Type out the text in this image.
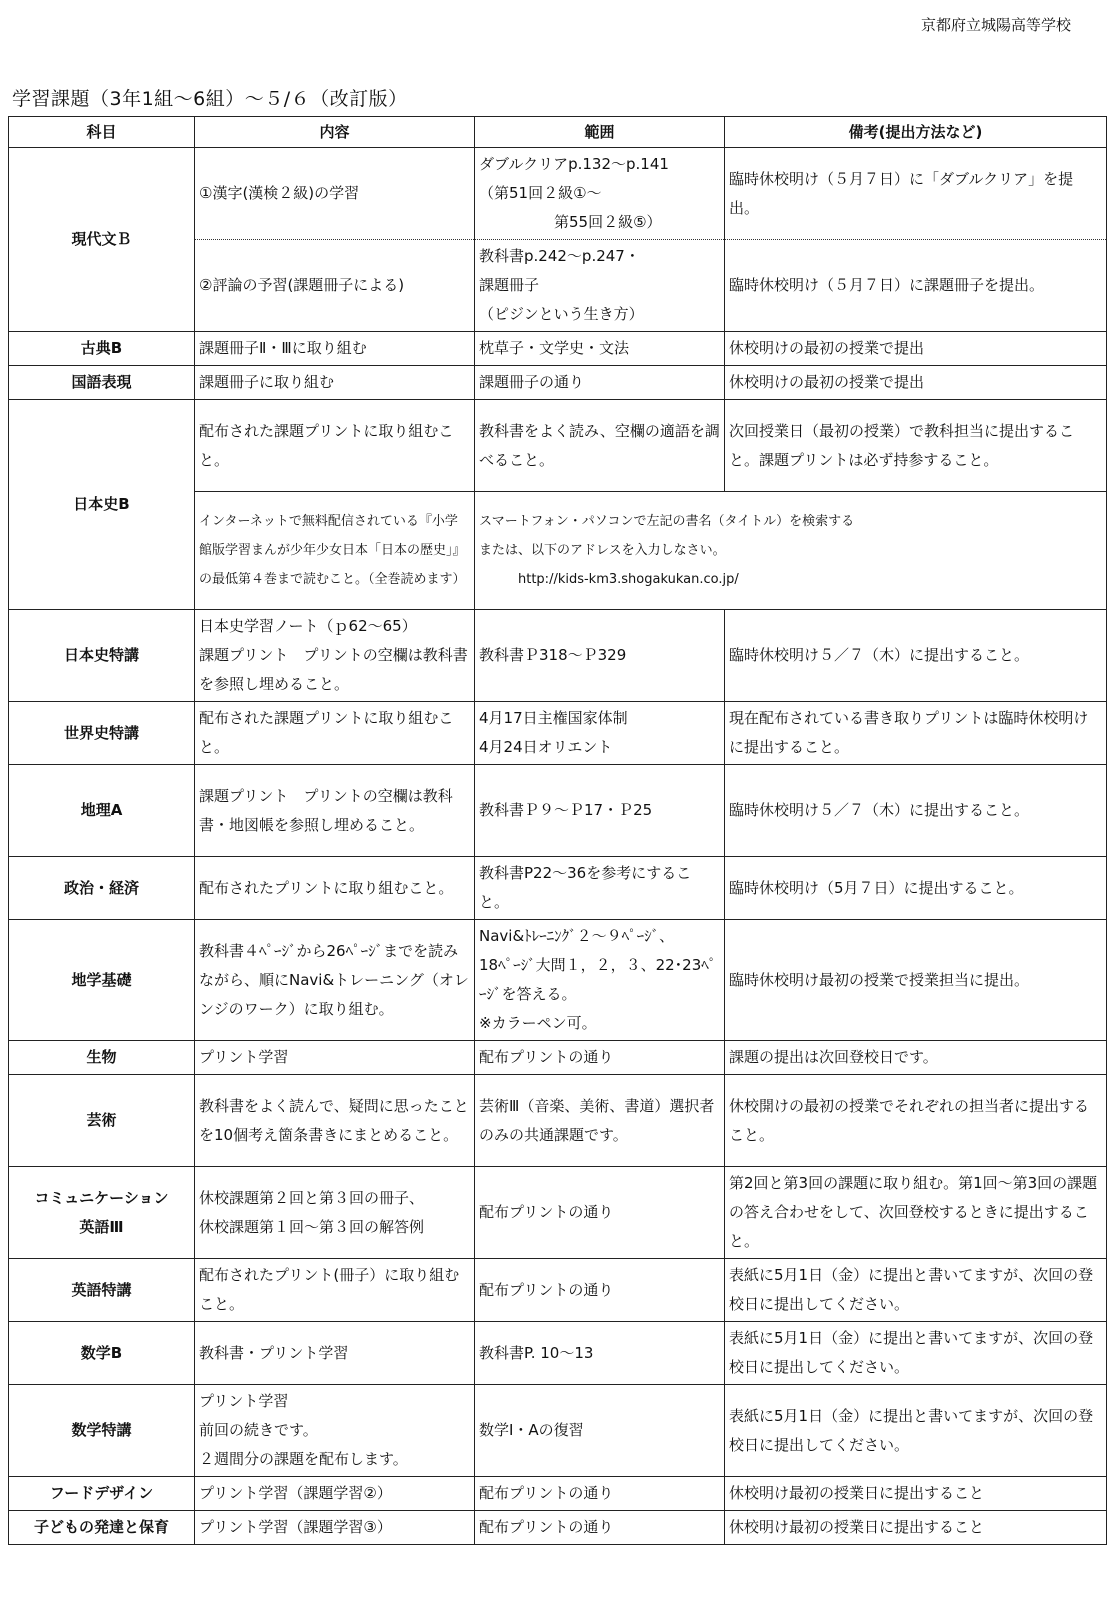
京都府立城陽高等学校
学習課題（3年1組～6組）～５/６（改訂版）
科目	内容	範囲	備考(提出方法など)
現代文Ｂ	①漢字(漢検２級)の学習	ダブルクリアp.132～p.141
（第51回２級①～
　　　　　第55回２級⑤）	臨時休校明け（５月７日）に「ダブルクリア」を提出。
	②評論の予習(課題冊子による)	教科書p.242～p.247・
課題冊子
（ピジンという生き方）	臨時休校明け（５月７日）に課題冊子を提出。
古典B	課題冊子Ⅱ・Ⅲに取り組む	枕草子・文学史・文法	休校明けの最初の授業で提出
国語表現	課題冊子に取り組む	課題冊子の通り	休校明けの最初の授業で提出
日本史B	配布された課題プリントに取り組むこと。	教科書をよく読み、空欄の適語を調べること。	次回授業日（最初の授業）で教科担当に提出すること。課題プリントは必ず持参すること。
	インターネットで無料配信されている『小学館版学習まんが少年少女日本「日本の歴史」』の最低第４巻まで読むこと。（全巻読めます）	スマートフォン・パソコンで左記の書名（タイトル）を検索する
または、以下のアドレスを入力しなさい。
　　　http://kids-km3.shogakukan.co.jp/	
日本史特講	日本史学習ノート（ｐ62～65）
課題プリント　プリントの空欄は教科書を参照し埋めること。	教科書Ｐ318～Ｐ329	臨時休校明け５／７（木）に提出すること。
世界史特講	配布された課題プリントに取り組むこと。	4月17日主権国家体制
4月24日オリエント	現在配布されている書き取りプリントは臨時休校明けに提出すること。
地理A	課題プリント　プリントの空欄は教科書・地図帳を参照し埋めること。	教科書Ｐ９～Ｐ17・Ｐ25	臨時休校明け５／７（木）に提出すること。
政治・経済	配布されたプリントに取り組むこと。	教科書P22～36を参考にすること。	臨時休校明け（5月７日）に提出すること。
地学基礎	教科書４ﾍﾟｰｼﾞから26ﾍﾟｰｼﾞまでを読みながら、順にNavi&トレーニング（オレンジのワーク）に取り組む。	Navi&ﾄﾚｰﾆﾝｸﾞ２～９ﾍﾟｰｼﾞ、
18ﾍﾟｰｼﾞ大問１，２，３、22･23ﾍﾟｰｼﾞを答える。
※カラーペン可。	臨時休校明け最初の授業で授業担当に提出。
生物	プリント学習	配布プリントの通り	課題の提出は次回登校日です。
芸術	教科書をよく読んで、疑問に思ったことを10個考え箇条書きにまとめること。	芸術Ⅲ（音楽、美術、書道）選択者のみの共通課題です。	休校開けの最初の授業でそれぞれの担当者に提出すること。
コミュニケーション
英語Ⅲ	休校課題第２回と第３回の冊子、
休校課題第１回～第３回の解答例	配布プリントの通り	第2回と第3回の課題に取り組む。第1回～第3回の課題の答え合わせをして、次回登校するときに提出すること。
英語特講	配布されたプリント(冊子）に取り組むこと。	配布プリントの通り	表紙に5月1日（金）に提出と書いてますが、次回の登校日に提出してください。
数学B	教科書・プリント学習	教科書P. 10～13	表紙に5月1日（金）に提出と書いてますが、次回の登校日に提出してください。
数学特講	プリント学習
前回の続きです。
２週間分の課題を配布します。	数学Ⅰ・Aの復習	表紙に5月1日（金）に提出と書いてますが、次回の登校日に提出してください。
フードデザイン	プリント学習（課題学習②）	配布プリントの通り	休校明け最初の授業日に提出すること
子どもの発達と保育	プリント学習（課題学習③）	配布プリントの通り	休校明け最初の授業日に提出すること
